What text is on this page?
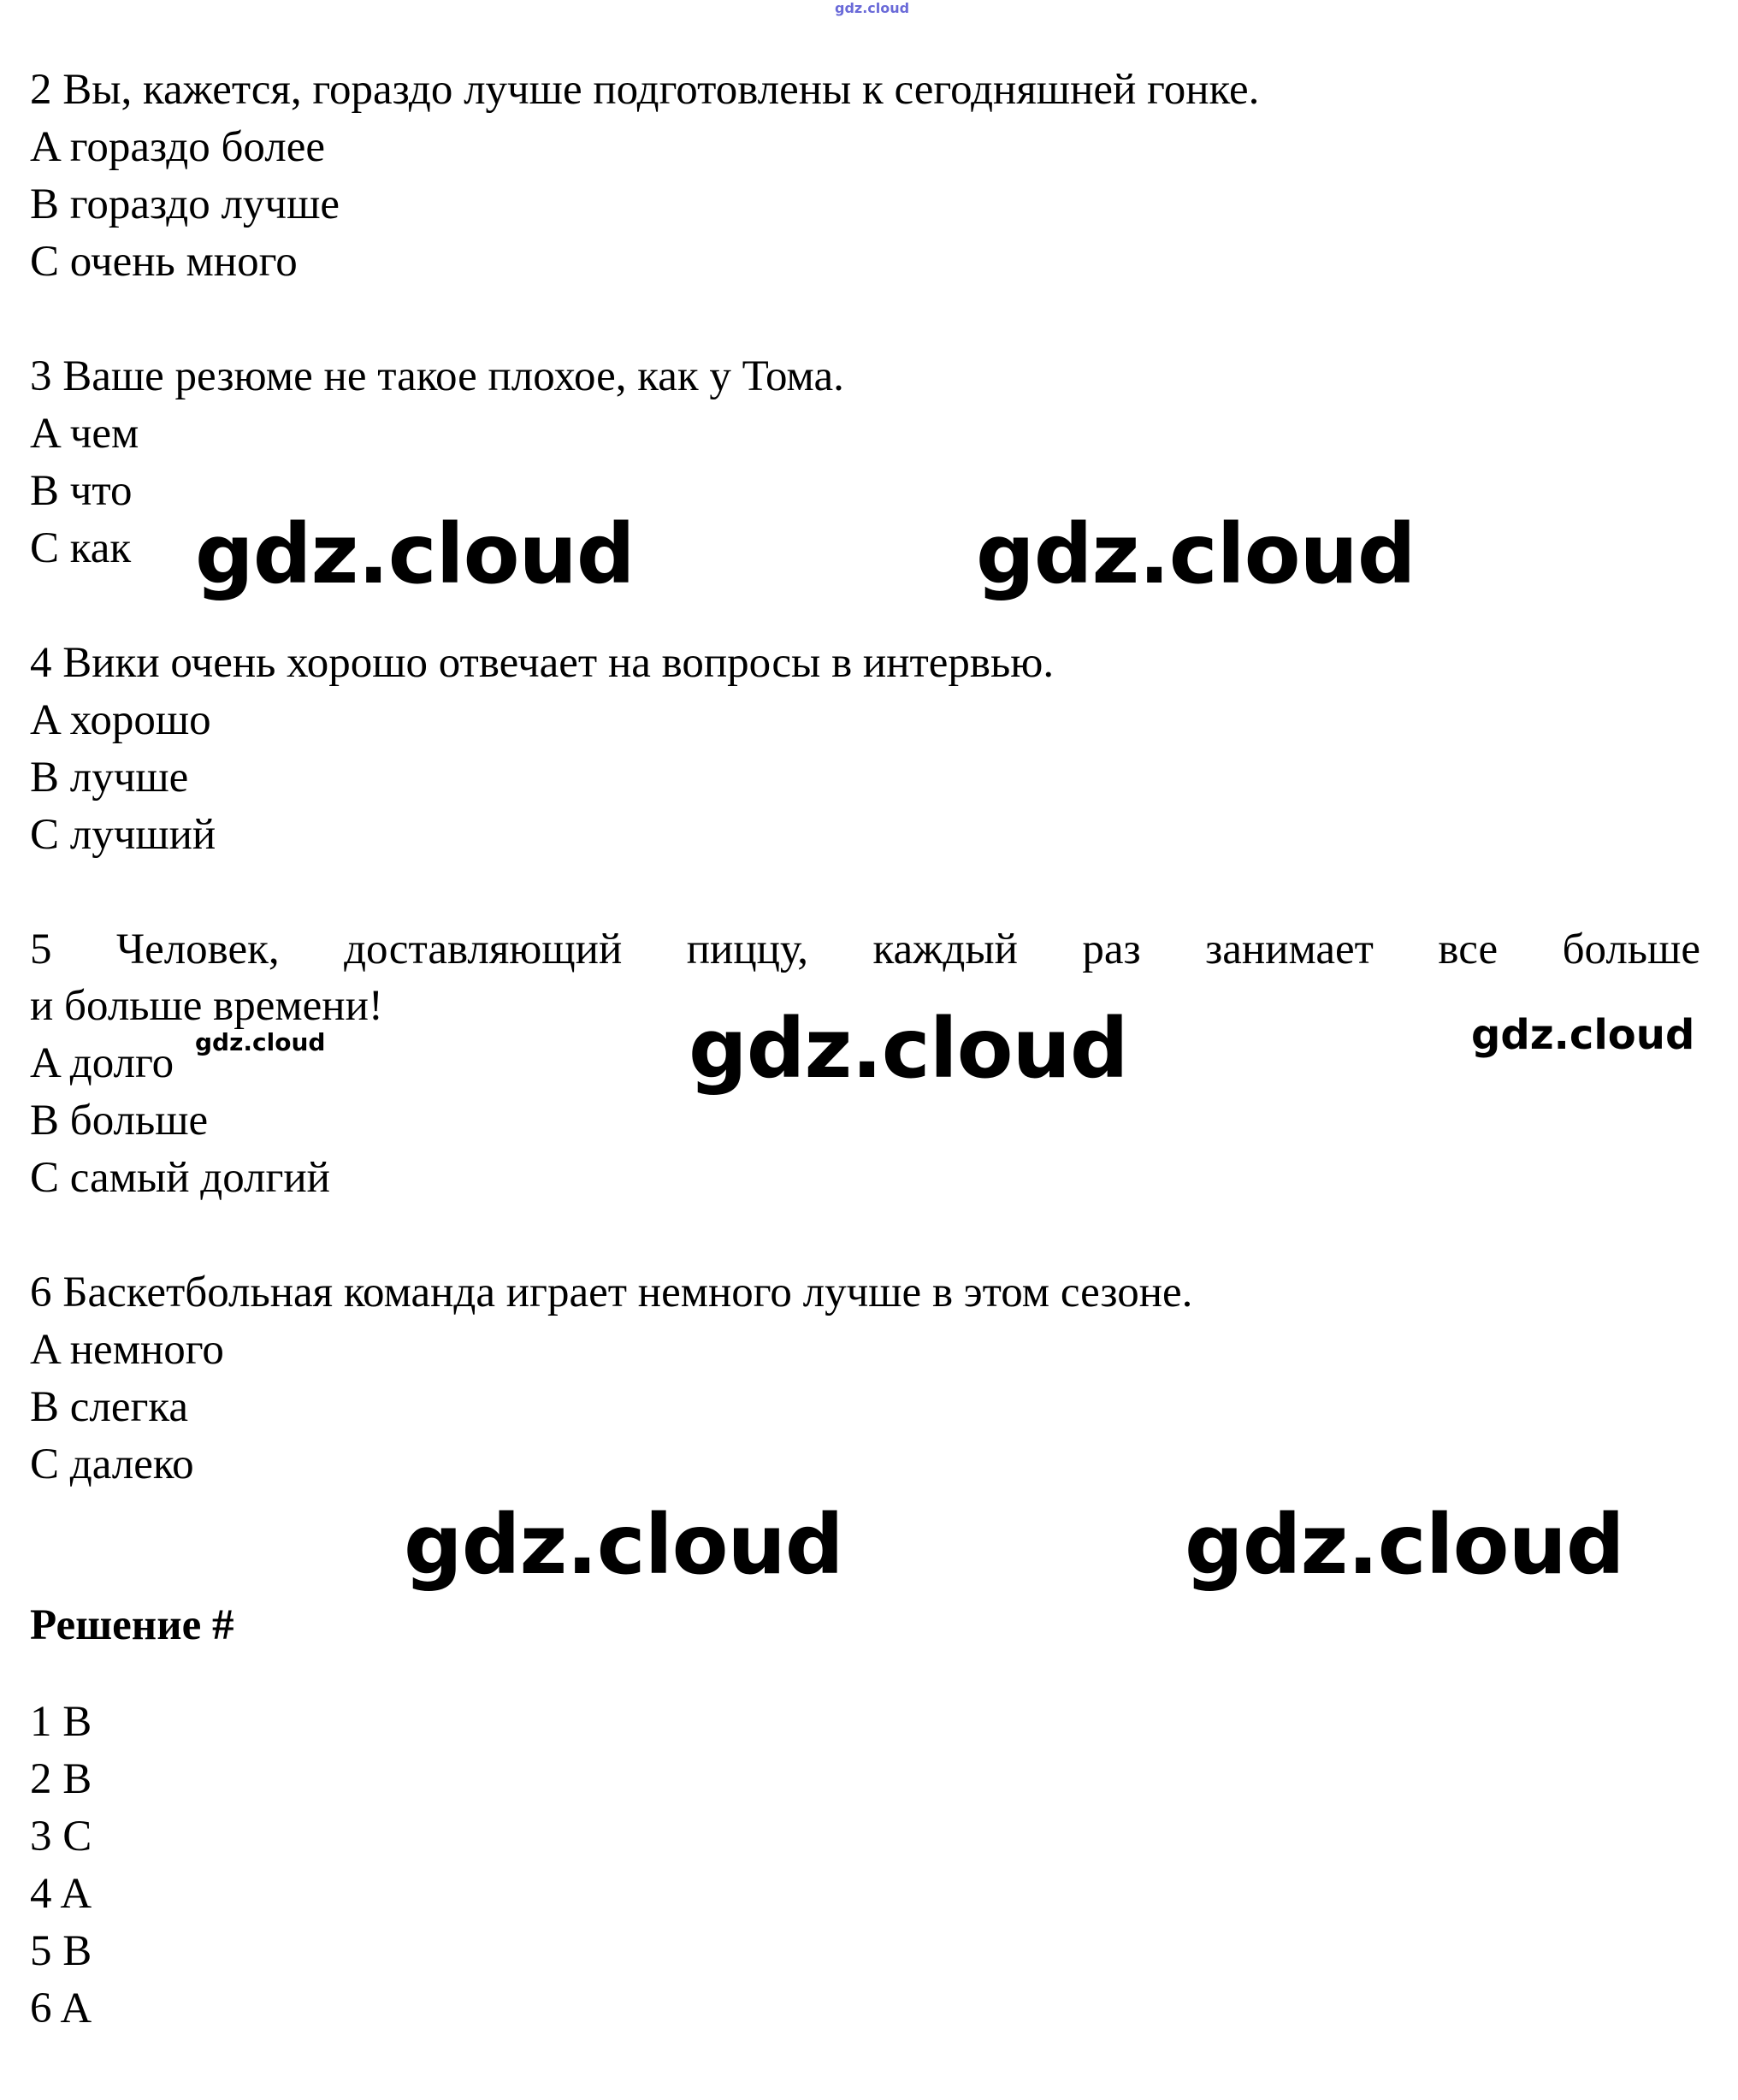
gdz.cloud
2 Вы, кажется, гораздо лучше подготовлены к сегодняшней гонке.
A гораздо более
B гораздо лучше
C очень много
3 Ваше резюме не такое плохое, как у Тома.
A чем
B что
C как gdz.cloud	gdz.cloud
4 Вики очень хорошо отвечает на вопросы в интервью.
A хорошо
B лучше
C лучший
5 Человек, доставляющий пиццу, каждый раз занимает все больше
и больше времени!
A долго
B больше
C самый долгий
gdz.cloud	gdz.cloud	gdz.cloud
6 Баскетбольная команда играет немного лучше в этом сезоне.
A немного
B слегка
C далеко
gdz.cloud	gdz.cloud
Решение #
1 B
2 B
3 C
4 A
5 B
6 A
